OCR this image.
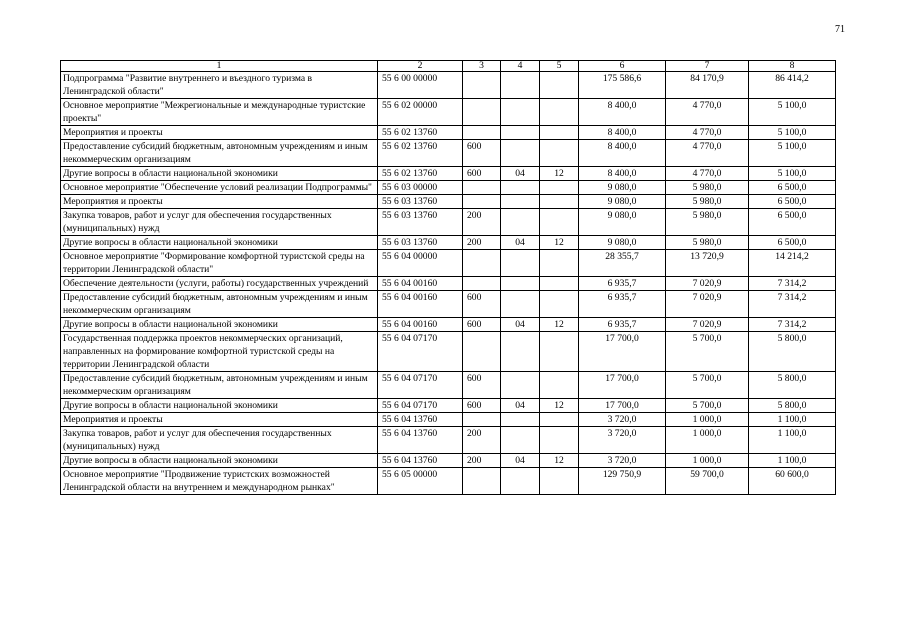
71
1	2	3	4	5	6	7	8
Подпрограмма "Развитие внутреннего и въездного туризма в Ленинградской области"	55 6 00 00000				175 586,6	84 170,9	86 414,2
Основное мероприятие "Межрегиональные и международные туристские проекты"	55 6 02 00000				8 400,0	4 770,0	5 100,0
Мероприятия и проекты	55 6 02 13760				8 400,0	4 770,0	5 100,0
Предоставление субсидий бюджетным, автономным учреждениям и иным некоммерческим организациям	55 6 02 13760	600			8 400,0	4 770,0	5 100,0
Другие вопросы в области национальной экономики	55 6 02 13760	600	04	12	8 400,0	4 770,0	5 100,0
Основное мероприятие "Обеспечение условий реализации Подпрограммы"	55 6 03 00000				9 080,0	5 980,0	6 500,0
Мероприятия и проекты	55 6 03 13760				9 080,0	5 980,0	6 500,0
Закупка товаров, работ и услуг для обеспечения государственных (муниципальных) нужд	55 6 03 13760	200			9 080,0	5 980,0	6 500,0
Другие вопросы в области национальной экономики	55 6 03 13760	200	04	12	9 080,0	5 980,0	6 500,0
Основное мероприятие "Формирование комфортной туристской среды на территории Ленинградской области"	55 6 04 00000				28 355,7	13 720,9	14 214,2
Обеспечение деятельности (услуги, работы) государственных учреждений	55 6 04 00160				6 935,7	7 020,9	7 314,2
Предоставление субсидий бюджетным, автономным учреждениям и иным некоммерческим организациям	55 6 04 00160	600			6 935,7	7 020,9	7 314,2
Другие вопросы в области национальной экономики	55 6 04 00160	600	04	12	6 935,7	7 020,9	7 314,2
Государственная поддержка проектов некоммерческих организаций, направленных на формирование комфортной туристской среды на территории Ленинградской области	55 6 04 07170				17 700,0	5 700,0	5 800,0
Предоставление субсидий бюджетным, автономным учреждениям и иным некоммерческим организациям	55 6 04 07170	600			17 700,0	5 700,0	5 800,0
Другие вопросы в области национальной экономики	55 6 04 07170	600	04	12	17 700,0	5 700,0	5 800,0
Мероприятия и проекты	55 6 04 13760				3 720,0	1 000,0	1 100,0
Закупка товаров, работ и услуг для обеспечения государственных (муниципальных) нужд	55 6 04 13760	200			3 720,0	1 000,0	1 100,0
Другие вопросы в области национальной экономики	55 6 04 13760	200	04	12	3 720,0	1 000,0	1 100,0
Основное мероприятие "Продвижение туристских возможностей Ленинградской области на внутреннем и международном рынках"	55 6 05 00000				129 750,9	59 700,0	60 600,0
